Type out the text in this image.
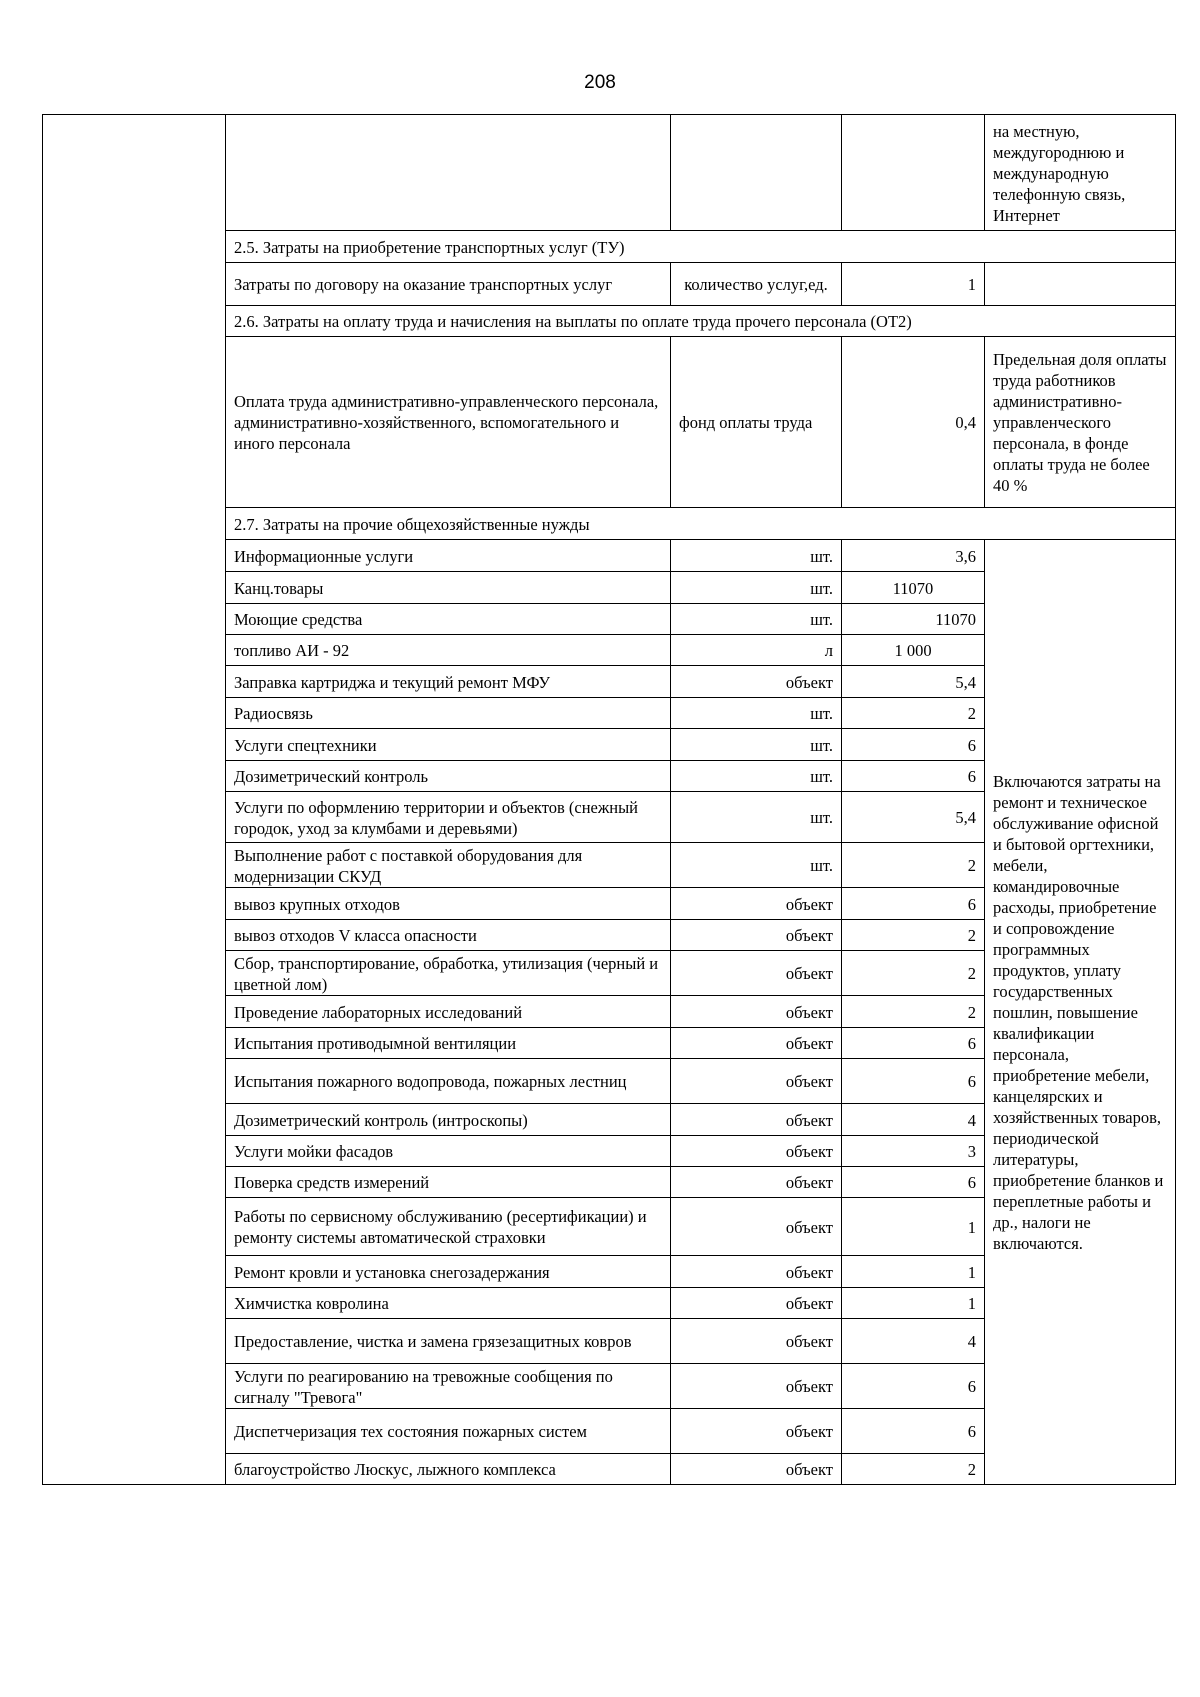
208
				на местную, междугороднюю и международную телефонную связь, Интернет
	2.5. Затраты на приобретение транспортных услуг (ТУ)			
	Затраты по договору на оказание транспортных услуг	количество услуг,ед.	1	
	2.6. Затраты на оплату труда и начисления на выплаты по оплате труда прочего персонала (ОТ2)			
	Оплата труда административно-управленческого персонала, административно-хозяйственного, вспомогательного и иного персонала	фонд оплаты труда	0,4	Предельная доля оплаты труда работников административно-управленческого персонала, в фонде оплаты труда не более 40 %
	2.7. Затраты на прочие общехозяйственные нужды			
	Информационные услуги	шт.	3,6	Включаются затраты на ремонт и техническое обслуживание офисной и бытовой оргтехники, мебели, командировочные расходы, приобретение и сопровождение программных продуктов, уплату государственных пошлин, повышение квалификации персонала, приобретение мебели, канцелярских и хозяйственных товаров, периодической литературы, приобретение бланков и переплетные работы и др., налоги не включаются.
	Канц.товары	шт.	11070	
	Моющие средства	шт.	11070	
	топливо АИ - 92	л	1 000	
	Заправка картриджа и текущий ремонт МФУ	объект	5,4	
	Радиосвязь	шт.	2	
	Услуги спецтехники	шт.	6	
	Дозиметрический контроль	шт.	6	
	Услуги по оформлению территории и объектов (снежный городок, уход за клумбами и деревьями)	шт.	5,4	
	Выполнение работ с поставкой оборудования для модернизации СКУД	шт.	2	
	вывоз крупных отходов	объект	6	
	вывоз отходов V класса опасности	объект	2	
	Сбор, транспортирование, обработка, утилизация (черный и цветной лом)	объект	2	
	Проведение лабораторных исследований	объект	2	
	Испытания противодымной вентиляции	объект	6	
	Испытания пожарного водопровода, пожарных лестниц	объект	6	
	Дозиметрический контроль (интроскопы)	объект	4	
	Услуги мойки фасадов	объект	3	
	Поверка средств измерений	объект	6	
	Работы по сервисному обслуживанию (ресертификации) и ремонту системы автоматической страховки	объект	1	
	Ремонт кровли и установка снегозадержания	объект	1	
	Химчистка ковролина	объект	1	
	Предоставление, чистка и замена грязезащитных ковров	объект	4	
	Услуги по реагированию на тревожные сообщения по сигналу "Тревога"	объект	6	
	Диспетчеризация тех состояния пожарных систем	объект	6	
	благоустройство Люскус, лыжного комплекса	объект	2	
